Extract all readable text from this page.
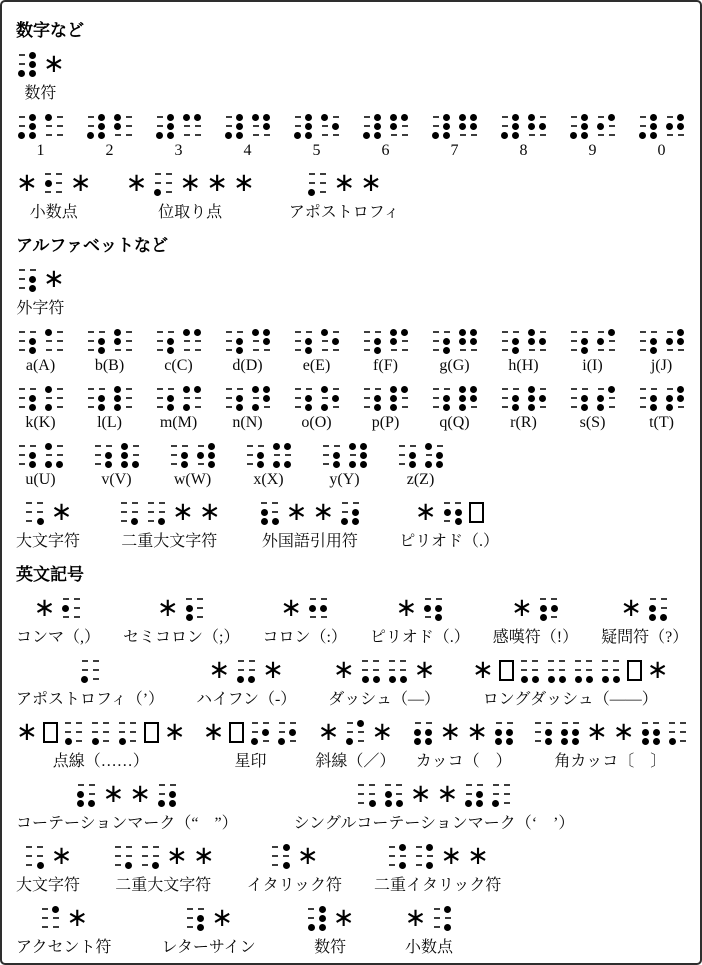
数字など
∗
数符
1	2	3	4	5	6	7	8	9	0
∗ ∗
小数点
∗ ∗ ∗ ∗
位取り点
∗ ∗
アポストロフィ
アルファベットなど
∗
外字符
a(A) b(B)	c(C) d(D)	e(E)	f(F)	g(G) h(H)	i(I)	j(J)
k(K)	l(L) m(M) n(N) o(O)	p(P)	q(Q)	r(R)	s(S)	t(T)
u(U)	v(V)	w(W)	x(X)	y(Y)	z(Z)
∗
大文字符
∗ ∗
二重大文字符
∗ ∗
外国語引用符
∗
ピリオド（.）
英文記号
∗
コンマ（,）
∗
セミコロン（;）
∗
コロン（:）
∗
ピリオド（.）
∗
感嘆符（!）
∗
疑問符（?）
アポストロフィ（’）
∗ ∗
ハイフン（-）
∗ ∗
ダッシュ（—）
∗	∗
ロングダッシュ（——）
∗	∗
点線（……）
∗
星印
∗ ∗
斜線（／）
∗ ∗
カッコ（　）
∗ ∗
角カッコ〔　〕
∗ ∗
コーテーションマーク（“　”）
∗ ∗
シングルコーテーションマーク（‘　’）
∗
大文字符
∗ ∗
二重大文字符
∗
イタリック符
∗ ∗
二重イタリック符
∗
アクセント符
∗
レターサイン
∗
数符
∗
小数点
